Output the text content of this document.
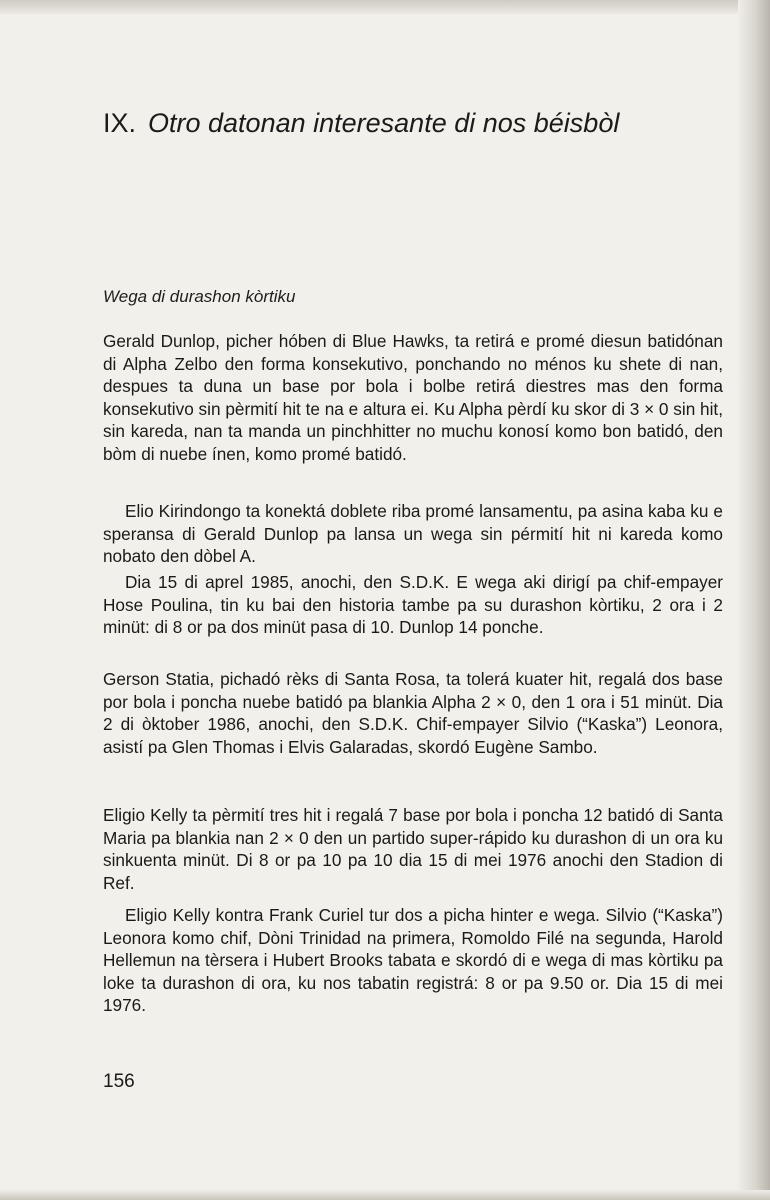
IX. Otro datonan interesante di nos béisbòl
Wega di durashon kòrtiku

Gerald Dunlop, picher hóben di Blue Hawks, ta retirá e promé diesun batidónan di Alpha Zelbo den forma konsekutivo, ponchando no ménos ku shete di nan, despues ta duna un base por bola i bolbe retirá diestres mas den forma konsekutivo sin pèrmití hit te na e altura ei. Ku Alpha pèrdí ku skor di 3 × 0 sin hit, sin kareda, nan ta manda un pinchhitter no muchu konosí komo bon batidó, den bòm di nuebe ínen, komo promé batidó.

Elio Kirindongo ta konektá doblete riba promé lansamentu, pa asina kaba ku e speransa di Gerald Dunlop pa lansa un wega sin pérmití hit ni kareda komo nobato den dòbel A.

Dia 15 di aprel 1985, anochi, den S.D.K. E wega aki dirigí pa chif-empayer Hose Poulina, tin ku bai den historia tambe pa su durashon kòrtiku, 2 ora i 2 minüt: di 8 or pa dos minüt pasa di 10. Dunlop 14 ponche.

Gerson Statia, pichadó rèks di Santa Rosa, ta tolerá kuater hit, regalá dos base por bola i poncha nuebe batidó pa blankia Alpha 2 × 0, den 1 ora i 51 minüt. Dia 2 di òktober 1986, anochi, den S.D.K. Chif-empayer Silvio (“Kaska”) Leonora, asistí pa Glen Thomas i Elvis Galaradas, skordó Eugène Sambo.

Eligio Kelly ta pèrmití tres hit i regalá 7 base por bola i poncha 12 batidó di Santa Maria pa blankia nan 2 × 0 den un partido super-rápido ku durashon di un ora ku sinkuenta minüt. Di 8 or pa 10 pa 10 dia 15 di mei 1976 anochi den Stadion di Ref.

Eligio Kelly kontra Frank Curiel tur dos a picha hinter e wega. Silvio (“Kaska”) Leonora komo chif, Dòni Trinidad na primera, Romoldo Filé na segunda, Harold Hellemun na tèrsera i Hubert Brooks tabata e skordó di e wega di mas kòrtiku pa loke ta durashon di ora, ku nos tabatin registrá: 8 or pa 9.50 or. Dia 15 di mei 1976.

156
